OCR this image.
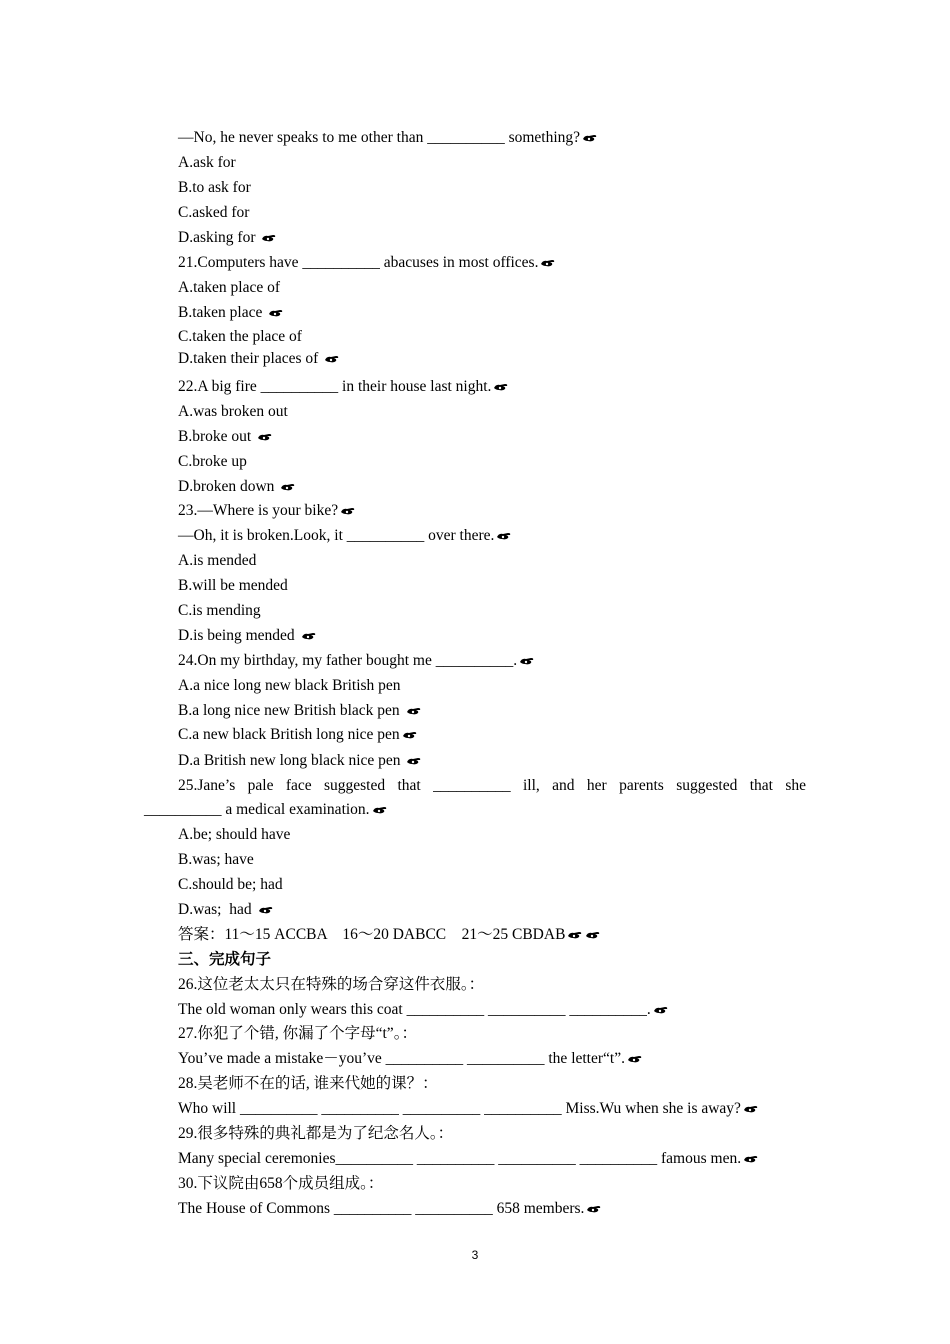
—No, he never speaks to me other than __________ something?
A.ask for
B.to ask for
C.asked for
D.asking for
21.Computers have __________ abacuses in most offices.
A.taken place of
B.taken place
C.taken the place of
D.taken their places of
22.A big fire __________ in their house last night.
A.was broken out
B.broke out
C.broke up
D.broken down
23.—Where is your bike?
—Oh, it is broken.Look, it __________ over there.
A.is mended
B.will be mended
C.is mending
D.is being mended
24.On my birthday, my father bought me __________.
A.a nice long new black British pen
B.a long nice new British black pen
C.a new black British long nice pen
D.a British new long black nice pen
25.Jane’s pale face suggested that __________ ill, and her parents suggested that she
__________ a medical examination.
A.be; should have
B.was; have
C.should be; had
D.was;  had
答案：11～15 ACCBA    16～20 DABCC    21～25 CBDAB
三、完成句子
26.这位老太太只在特殊的场合穿这件衣服。：
The old woman only wears this coat __________ __________ __________.
27.你犯了个错, 你漏了个字母“t”。：
You’ve made a mistake－you’ve __________ __________ the letter“t”.
28.吴老师不在的话, 谁来代她的课？：
Who will __________ __________ __________ __________ Miss.Wu when she is away?
29.很多特殊的典礼都是为了纪念名人。：
Many special ceremonies__________ __________ __________ __________ famous men.
30.下议院由658个成员组成。：
The House of Commons __________ __________ 658 members.
3
